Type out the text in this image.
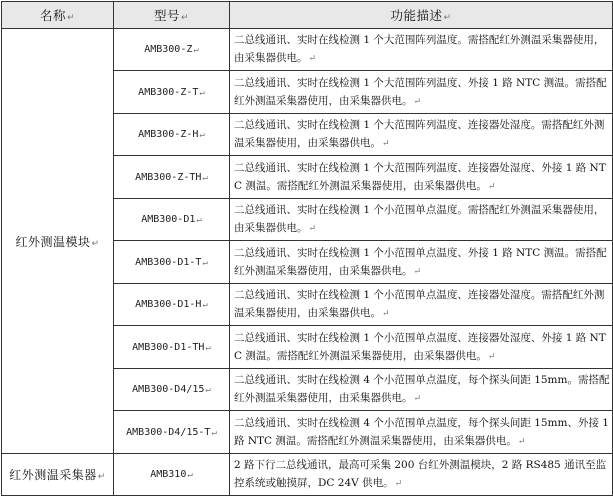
名称↵	型号↵	功能描述↵
红外测温模块↵	AMB300-Z↵	二总线通讯、实时在线检测 1 个大范围阵列温度。需搭配红外测温采集器使用，由采集器供电。↵
	AMB300-Z-T↵	二总线通讯、实时在线检测 1 个大范围阵列温度、外接 1 路 NTC 测温。需搭配红外测温采集器使用，由采集器供电。↵
	AMB300-Z-H↵	二总线通讯、实时在线检测 1 个大范围阵列温度、连接器处湿度。需搭配红外测温采集器使用，由采集器供电。↵
	AMB300-Z-TH↵	二总线通讯、实时在线检测 1 个大范围阵列温度、连接器处湿度、外接 1 路 NTC 测温。需搭配红外测温采集器使用，由采集器供电。↵
	AMB300-D1↵	二总线通讯、实时在线检测 1 个小范围单点温度。需搭配红外测温采集器使用，由采集器供电。↵
	AMB300-D1-T↵	二总线通讯、实时在线检测 1 个小范围单点温度、外接 1 路 NTC 测温。需搭配红外测温采集器使用，由采集器供电。↵
	AMB300-D1-H↵	二总线通讯、实时在线检测 1 个小范围单点温度、连接器处湿度。需搭配红外测温采集器使用，由采集器供电。↵
	AMB300-D1-TH↵	二总线通讯、实时在线检测 1 个小范围单点温度、连接器处湿度、外接 1 路 NTC 测温。需搭配红外测温采集器使用，由采集器供电。↵
	AMB300-D4/15↵	二总线通讯、实时在线检测 4 个小范围单点温度，每个探头间距 15mm。需搭配红外测温采集器使用，由采集器供电。↵
	AMB300-D4/15-T↵	二总线通讯、实时在线检测 4 个小范围单点温度，每个探头间距 15mm、外接 1 路 NTC 测温。需搭配红外测温采集器使用，由采集器供电。↵
红外测温采集器↵	AMB310↵	2 路下行二总线通讯，最高可采集 200 台红外测温模块，2 路 RS485 通讯至监控系统或触摸屏，DC 24V 供电。↵
